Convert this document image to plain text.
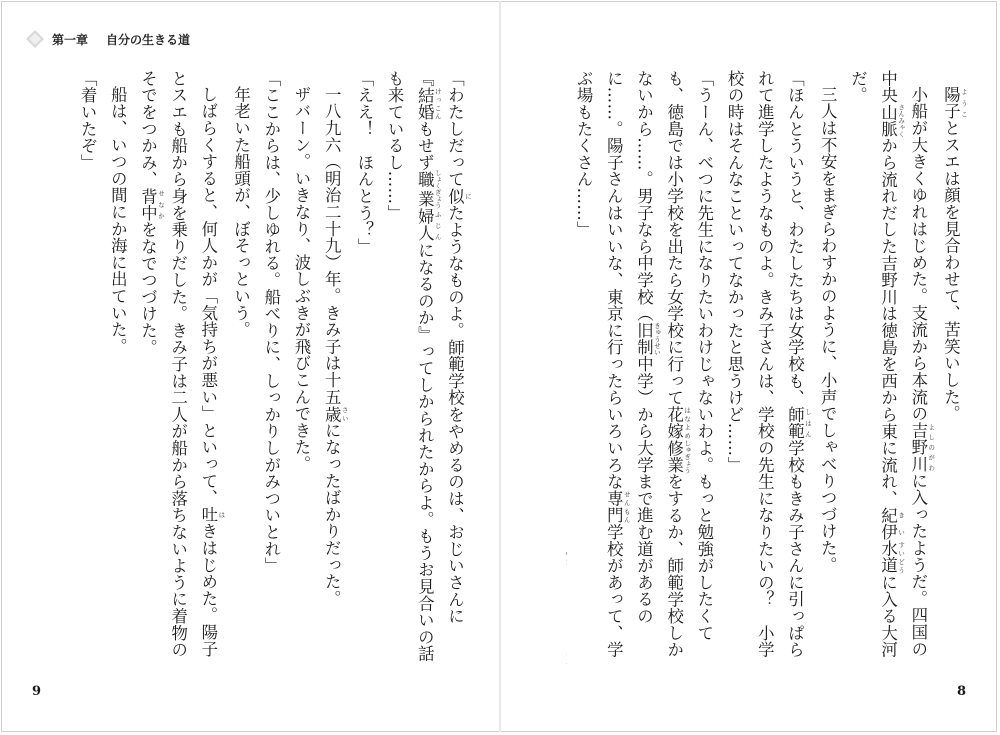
第一章 自分の生きる道

陽子 ようことスエは顔を見合わせて、苦笑いした。

小船が大きくゆれはじめた。支流から本流の吉野川 よしのがわに入ったようだ。四国の中央山脈 さんみゃくから流れだした吉野川は徳島を西から東に流れ、紀伊 きい水道 すいどうに入る大河だ。

三人は不安をまぎらわすかのように、小声でしゃべりつづけた。

「ほんとういうと、わたしたちは女学校も、師範 しはん学校もきみ子さんに引っぱられて進学したようなものよ。きみ子さんは、学校の先生になりたいの？　小学校の時はそんなこといってなかったと思うけど……」

「うーん、べつに先生になりたいわけじゃないわよ。もっと勉強がしたくても、徳島では小学校を出たら女学校に行って花嫁 はなよめ修業 しゅぎょうをするか、師範学校しかないから……。男子なら中学校（旧制 きゅうせい中学）から大学まで進む道があるのに……。陽子さんはいいな、東京に行ったらいろいろな専門 せんもん学校があって、学ぶ場もたくさん……」

「わたしだって似 にたようなものよ。師範学校をやめるのは、おじいさんに『結婚 けっこんもせず職業 しょくぎょう婦人 ふじんになるのか』ってしかられたからよ。もうお見合いの話も来ているし……」

「ええ！　ほんとう？」

一八九六（明治二十九）年。きみ子は十五歳 さいになったばかりだった。

ザバーン。いきなり、波しぶきが飛びこんできた。

「ここからは、少しゆれる。船べりに、しっかりしがみついとれ」

年老いた船頭が、ぼそっという。

しばらくすると、何人かが「気持ちが悪い」といって、吐 はきはじめた。陽子とスエも船から身を乗りだした。きみ子は二人が船から落ちないように着物のそでをつかみ、背中 せなかをなでつづけた。

船は、いつの間にか海に出ていた。

「着いたぞ」

9	8
